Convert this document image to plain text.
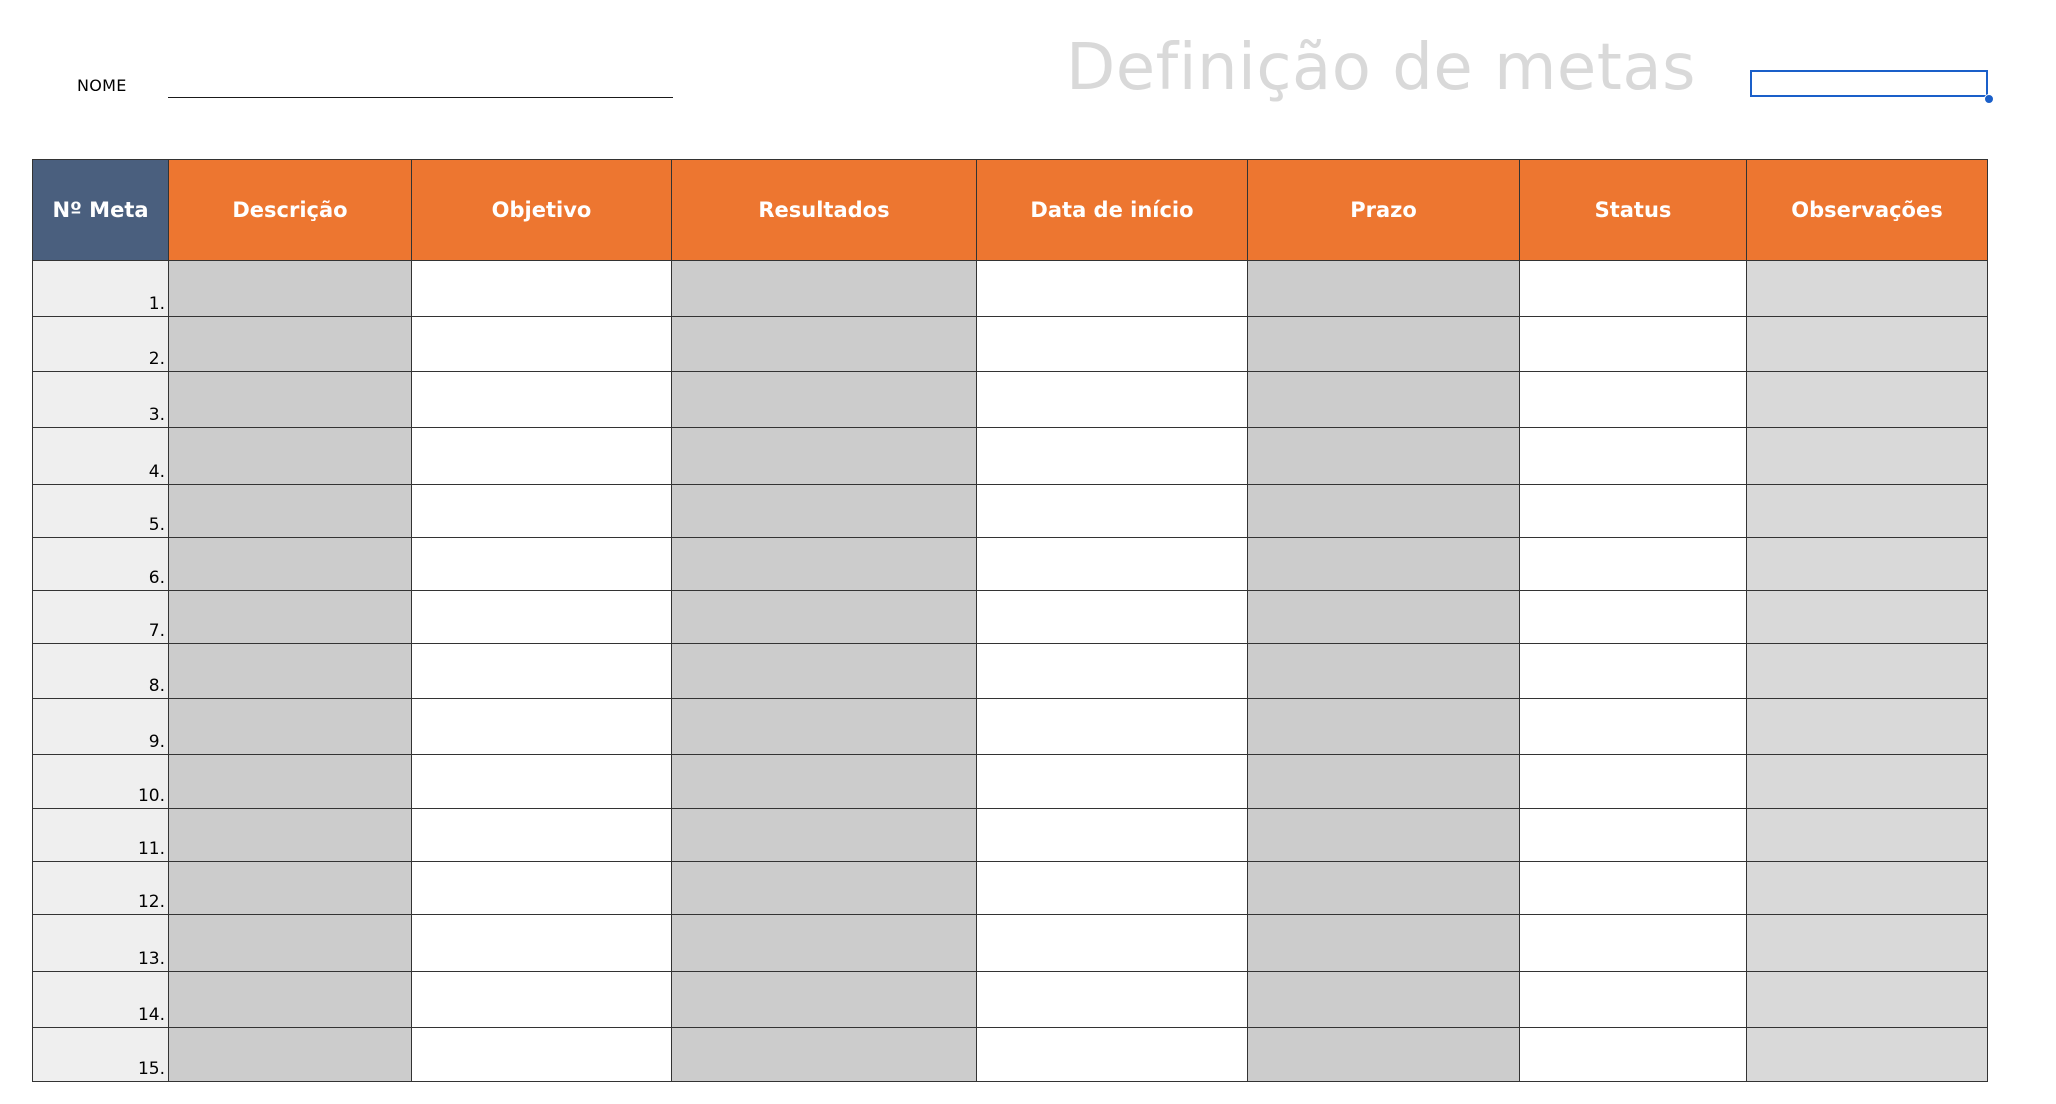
NOME	Definição de metas
Nº Meta	Descrição	Objetivo	Resultados	Data de início	Prazo	Status	Observações
1.							
2.							
3.							
4.							
5.							
6.							
7.							
8.							
9.							
10.							
11.							
12.							
13.							
14.							
15.							
